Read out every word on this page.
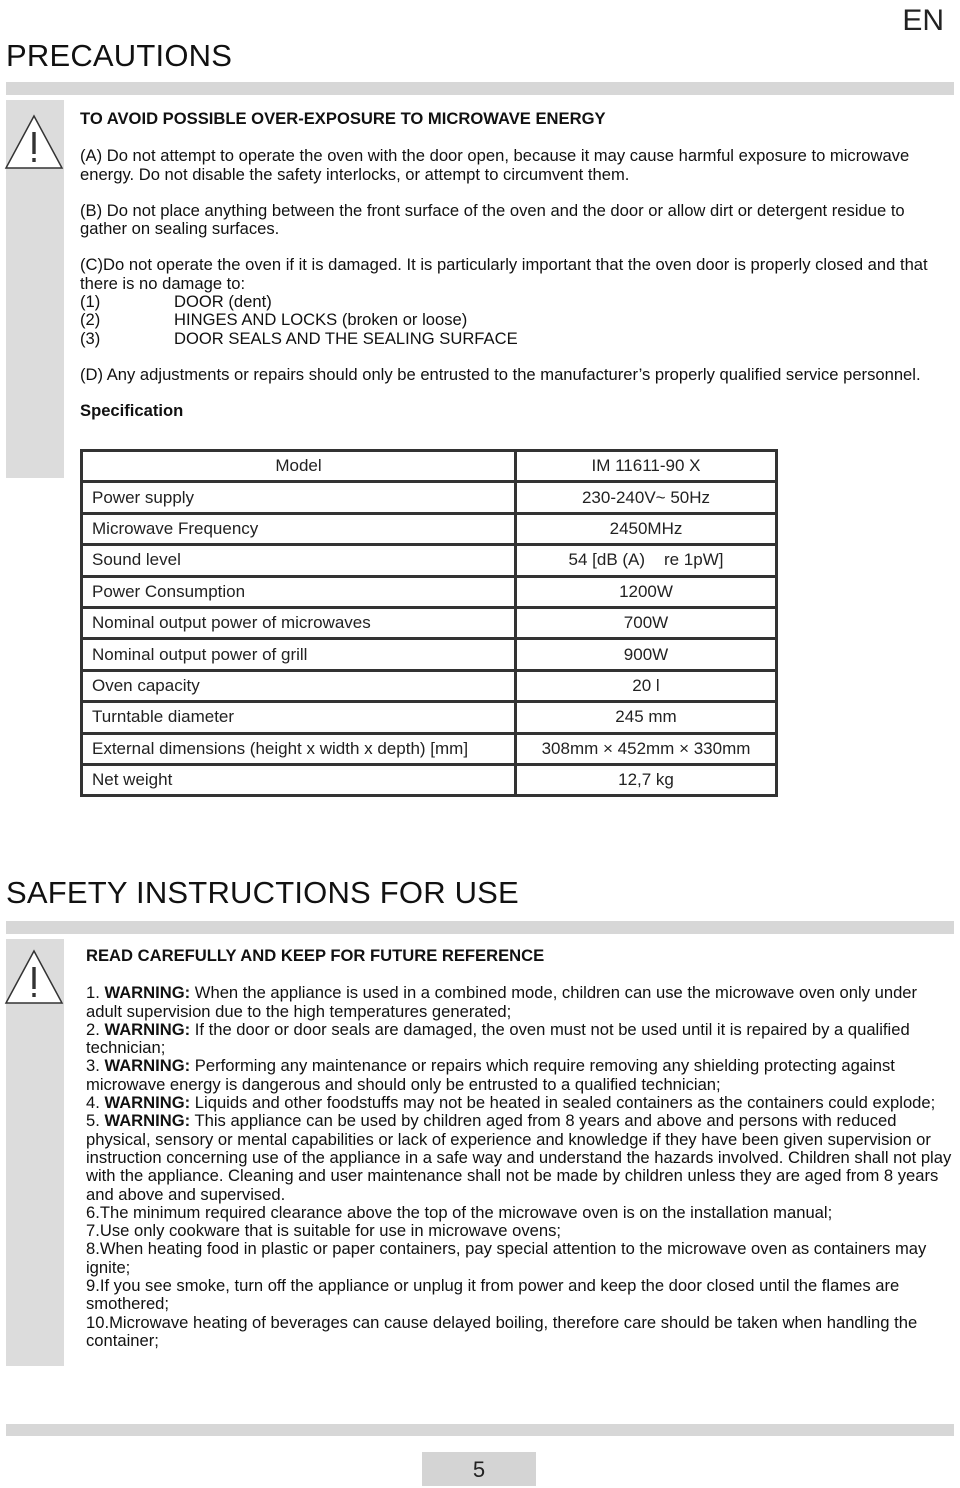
EN
PRECAUTIONS

TO AVOID POSSIBLE OVER-EXPOSURE TO MICROWAVE ENERGY

(A) Do not attempt to operate the oven with the door open, because it may cause harmful exposure to microwave energy. Do not disable the safety interlocks, or attempt to circumvent them.

(B) Do not place anything between the front surface of the oven and the door or allow dirt or detergent residue to gather on sealing surfaces.

(C)Do not operate the oven if it is damaged. It is particularly important that the oven door is properly closed and that there is no damage to:

(1)	DOOR (dent)
(2)	HINGES AND LOCKS (broken or loose)
(3)	DOOR SEALS AND THE SEALING SURFACE

(D) Any adjustments or repairs should only be entrusted to the manufacturer’s properly qualified service personnel.

Specification

Model	IM 11611-90 X
Power supply	230-240V~ 50Hz
Microwave Frequency	2450MHz
Sound level	54 [dB (A)    re 1pW]
Power Consumption	1200W
Nominal output power of microwaves	700W
Nominal output power of grill	900W
Oven capacity	20 l
Turntable diameter	245 mm
External dimensions (height x width x depth) [mm]	308mm × 452mm × 330mm
Net weight	12,7 kg
SAFETY INSTRUCTIONS FOR USE

READ CAREFULLY AND KEEP FOR FUTURE REFERENCE

1. WARNING: When the appliance is used in a combined mode, children can use the microwave oven only under adult supervision due to the high temperatures generated;

2. WARNING: If the door or door seals are damaged, the oven must not be used until it is repaired by a qualified technician;

3. WARNING: Performing any maintenance or repairs which require removing any shielding protecting against microwave energy is dangerous and should only be entrusted to a qualified technician;

4. WARNING: Liquids and other foodstuffs may not be heated in sealed containers as the containers could explode;

5. WARNING: This appliance can be used by children aged from 8 years and above and persons with reduced physical, sensory or mental capabilities or lack of experience and knowledge if they have been given supervision or instruction concerning use of the appliance in a safe way and understand the hazards involved. Children shall not play with the appliance. Cleaning and user maintenance shall not be made by children unless they are aged from 8 years and above and supervised.

6.The minimum required clearance above the top of the microwave oven is on the installation manual;

7.Use only cookware that is suitable for use in microwave ovens;

8.When heating food in plastic or paper containers, pay special attention to the microwave oven as containers may ignite;

9.If you see smoke, turn off the appliance or unplug it from power and keep the door closed until the flames are smothered;

10.Microwave heating of beverages can cause delayed boiling, therefore care should be taken when handling the container;

5
